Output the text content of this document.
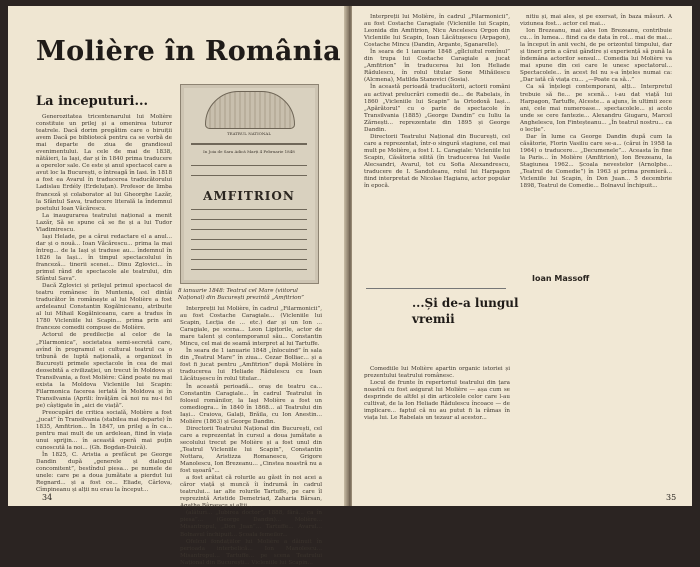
Molière în România
La inceputuri...

Generozitatea tricentenarului lui Molière constituie un prilej și a omenirea tuturor teatrele. Dacă dorim pregătim care o biruiții avem Dacă pe bibliotecă pentru ca se vorbă de mai departe de ziua de grandiosul evenimentului. La cele de mai de 1838, nătăieri, la Iași, dar și în 1840 prima traducere a operelor sale. Ce este și anul spectacol care a avut loc la București, o întreagă în Iasi. în 1818 a fost ea Avarul în traducerea traducătorului Ladislau Erdély (Erdeluțan). Profesor de limba franceză și colaborator al lui Gheorghe Lazăr, la Sfântul Sava, traducere literală la îndemnul poetului Ioan Văcărescu.

La inaugurarea teatrului național a menit Lazăr, Să se spune că se fie și a lui Tudor Vladimirescu.

Iași Helade, pe a cărui redactare el a anul... dar și o nouă... Ioan Văcărescu... prima la mai întreg... de la Iași și traduse au... îndemnul în 1826 la Iași... în timpul spectacolului în franceză... tinerii scenei... Dinu Zglovici... în primul rând de spectacole ale teatrului, din Sfântul Sava”.

Dacă Zglovici și prilejul primul spectacol de teatru românesc în Muntenia, cel dintâi traducător în românește al lui Molière a fost ardeleanul Constantin Kogălniceanu, atribuite al lui Mihail Kogălniceanu, care a tradus în 1780 Vicleniile lui Scapin... prima prin ani franceze comedii compuse de Molière.

Actorul de predilecție al celor de la „Filarmonica”, societatea semi-secretă care, avînd în programul ei cultural teatrul ca o tribună de luptă națională, a organizat în București primele spectacole în cea de mai deosebită a civilizației, un trecut în Moldova și Transilvania, a fost Molière: Când poate nu mai exista la Moldova Vicleniile lui Scapin: Filarmonica facerea iertată în Moldova și în Transilvania (Aprili: învățăm că noi nu nu-i fel pe) câștigate în „aici de viață”.

Preocupări de critica socială, Molière a fost „jucat” în Transilvania (stabilea mai departe) în 1835, Amfitrion... În 1847, un prilej a în ca... pentru mai mult de un ardelean, fiind în viața unui sprijin... în această operă mai puțin cunoscută la noi... (Gh. Bogdan-Duică).

În 1825, C. Aristia a prefăcut pe George Dandin după „generele și dialogul concomitent”, bestîndul piesa... pe numele de unele: care pe a doua jumătate a pierdut lui Regnard... și a fost ce... Eliade, Cârlova, Cîmpineanu și alții nu erau la început...

TEATRUL NATIONAL
In Joia de Sara Adică Marți 4 Februarie 1848
AMFITRION
8 ianuarie 1848: Teatrul cel Mare (viitorul Național) din București prezintă „Amfitrion”

Interpreții lui Molière, în cadrul „Filarmonicii”, au fost Costache Caragiale... (Vicleniile lui Scapin, Lecția de ... etc.) dar și un Ion ... Caragiale, pe scena... Leon Lipițorile, actor de mare talent și contemporanul său... Constantin Mincu, cel mai de seamă interpret al lui Tartuffe.

În seara de 1 ianuarie 1848 „înlocuind” în sala din „Teatrul Mare” în ziua... Cezar Bolliac... și a fost fi jucat pentru „Amfitrion” după Molière în traducerea lui Heliade Rădulescu cu Ioan Lăcătușescu în rolul titular...

În această perioadă... oraș de teatru ca... Constantin Caragiale... în cadrul Teatrului în folosul românilor, la Iași Molière a fost un comediogra... în 1840 în 1868... al Teatrului din Iași... Craiova, Galați, Brăila, cu Ion Anestin... Molière (1863) și George Dandin.

Directorii Teatrului Național din București, cel care a reprezentat în cursul a doua jumătate a secolului trecut pe Molière și a fost unul din „Teatrul Vicleniile lui Scapin”, Constantin Nottara, Aristizza Romanescu, Grigore Manolescu, Ion Brezeanu... „Cinstea noastră nu a fost ușoară”...

a fost arătat că rolurile au găsit în noi acei a căror viață și muncă îi îndrumă în cadrul teatrului... iar alte rolurile Tartuffe, pe care îl reprezintă Aristide Demetriad, Zaharia Bârsan, Agatha Bârsescu și alții...

(alături... „Iubirea doctor”, 1888, fără... ca în piesa”... (George Dandin)... Molière... Misantropul, „Don Juan”... Tartuffe... Avarul... Bolnavul închipuit... Școala femeilor...

Ofelcul fondațiilor lui Molière a dăinuit în perioada interbelică... Ion Manolescu... Misantropul... Tartuffe... pe scena Teatrului Național din București... Vicleniile lui Scapin...

34

Interpreții lui Molière, în cadrul „Filarmonicii”, au fost Costache Caragiale (Vicleniile lui Scapin, Leonida din Amfitrion, Nicu Ancelescu Orgon din Vicleniile lui Scapin, Ioan Lăcătușescu (Arpagon), Costache Mincu (Dandin, Argante, Sganarelle).

În seara de 1 ianuarie 1848 „gîlciuitul romînul” din trupa lui Costache Caragiale a jucat „Amfitrion” în traducerea lui Ion Heliade Rădulescu, în rolul titular Sone Mihăilescu (Alcmena), Matilda Stanovici (Sosia).

În această perioadă traducătorii, actorii români au activat prelucrări comedii de... de Rabelais, în 1860 „Vicleniile lui Scapin” la Ortodoxă Iași... „Apărătorul” cu o parte de spectacole în Transilvania (1885) „George Dandin” cu Iuliu la Zărnești... reprezentate din 1895 și George Dandin.

Directorii Teatrului Național din București, cel care a reprezentat, într-o singură stagiune, cel mai mult pe Molière, a fost I. L. Caragiale: Vicleniile lui Scapin, Căsătoria silită (în traducerea lui Vasile Alecsandri, Avarul, tot cu Sofia Alexandrescu, traducere de I. Sanduleanu, rolul lui Harpagon fiind interpretat de Nicolae Hagianu, actor popular în epocă.

Ioan Massoff
...Și de-a lungul
vremii

Comediile lui Molière apartin organic istoriei și prezentului teatrului românesc.

Locul de frunte în repertoriul teatrului din țara noastră cu fost asigurat lui Molière — așa cum se desprinde de altfel și din articolele celor care l-au cultivat, de la Ion Heliade Rădulescu încoace — de implicare... faptul că nu au putut fi la rămas în viața lui. Le Rabelais un tezaur al acestor...

nitiu și, mai ales, și pe exersat, în baza măsuri. A viziunea fost... actor cel mai...

Ion Brezeanu, mai ales Ion Brezeanu, contribuie cu... în lumea... fiind ca de data în rol... mai de mai... la început în anii vechi, de pe orizontul timpului, dar și tineri prin a cărui gândire și experiență să pună la îndemâna actorilor sensul... Comedia lui Molière va mai spune din cei care le unesc spectatorul... Spectacolele... în acest fel nu s-a înțeles numai ca: „Dar iată că viața cu... „—Poate ca să...”

Ca să înțelegi contemporani, alți... Interpretul trebuie să fie... pe scenă... i-au dat viață lui Harpagon, Tartuffe, Alceste... a ajuns, în ultimii zece ani, cele mai numeroase... spectacolele... și acolo unde se cere fantezie... Alexandru Giugaru, Marcel Anghelescu, Ion Finteșteanu... „În teatrul nostru... ca o lecție”.

Dar în lume ca George Dandin după cum la căsătorie, Florin Vasiliu care se-a... (cărui în 1958 la 1964) o traducere... „Decumenele”... Aceasta în fine la Paris... în Molière (Amfitrion), Ion Brezeanu, la Stagiunea 1962... Școala nevestelor (Arnolphe... „Teatrul de Comedie”) în 1963 și prima premieră... Vicleniile lui Scapin, în Don Juan... 5 decembrie 1898, Teatrul de Comedie... Bolnavul închipuit...

35
